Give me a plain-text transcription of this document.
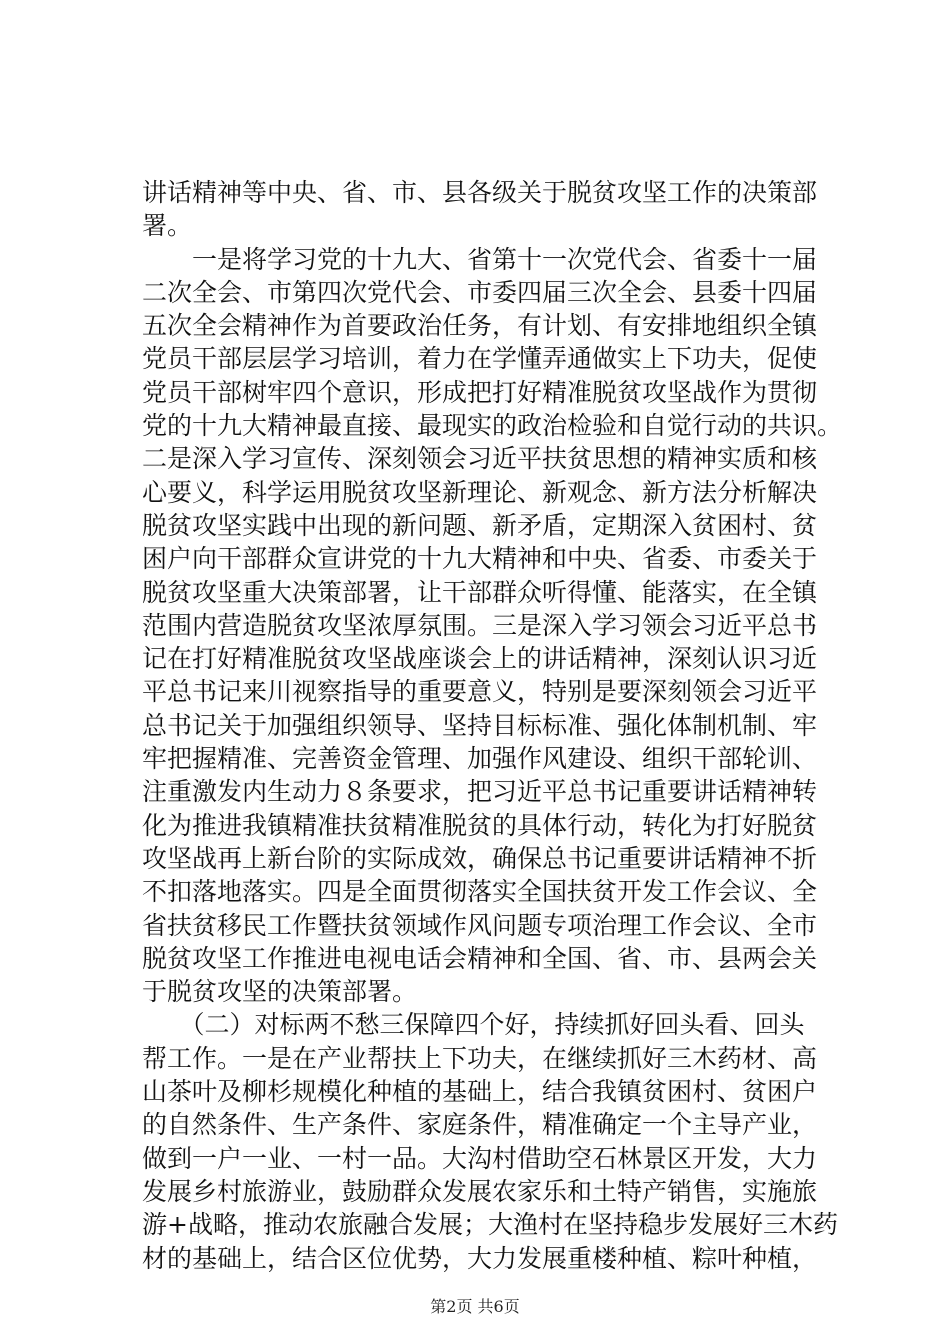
讲话精神等中央、省、市、县各级关于脱贫攻坚工作的决策部
署。
　　一是将学习党的十九大、省第十一次党代会、省委十一届
二次全会、市第四次党代会、市委四届三次全会、县委十四届
五次全会精神作为首要政治任务，有计划、有安排地组织全镇
党员干部层层学习培训，着力在学懂弄通做实上下功夫，促使
党员干部树牢四个意识，形成把打好精准脱贫攻坚战作为贯彻
党的十九大精神最直接、最现实的政治检验和自觉行动的共识。
二是深入学习宣传、深刻领会习近平扶贫思想的精神实质和核
心要义，科学运用脱贫攻坚新理论、新观念、新方法分析解决
脱贫攻坚实践中出现的新问题、新矛盾，定期深入贫困村、贫
困户向干部群众宣讲党的十九大精神和中央、省委、市委关于
脱贫攻坚重大决策部署，让干部群众听得懂、能落实，在全镇
范围内营造脱贫攻坚浓厚氛围。三是深入学习领会习近平总书
记在打好精准脱贫攻坚战座谈会上的讲话精神，深刻认识习近
平总书记来川视察指导的重要意义，特别是要深刻领会习近平
总书记关于加强组织领导、坚持目标标准、强化体制机制、牢
牢把握精准、完善资金管理、加强作风建设、组织干部轮训、
注重激发内生动力８条要求，把习近平总书记重要讲话精神转
化为推进我镇精准扶贫精准脱贫的具体行动，转化为打好脱贫
攻坚战再上新台阶的实际成效，确保总书记重要讲话精神不折
不扣落地落实。四是全面贯彻落实全国扶贫开发工作会议、全
省扶贫移民工作暨扶贫领域作风问题专项治理工作会议、全市
脱贫攻坚工作推进电视电话会精神和全国、省、市、县两会关
于脱贫攻坚的决策部署。
　　（二）对标两不愁三保障四个好，持续抓好回头看、回头
帮工作。一是在产业帮扶上下功夫，在继续抓好三木药材、高
山茶叶及柳杉规模化种植的基础上，结合我镇贫困村、贫困户
的自然条件、生产条件、家庭条件，精准确定一个主导产业，
做到一户一业、一村一品。大沟村借助空石林景区开发，大力
发展乡村旅游业，鼓励群众发展农家乐和土特产销售，实施旅
游+战略，推动农旅融合发展；大渔村在坚持稳步发展好三木药
材的基础上，结合区位优势，大力发展重楼种植、粽叶种植，
第2页 共6页
